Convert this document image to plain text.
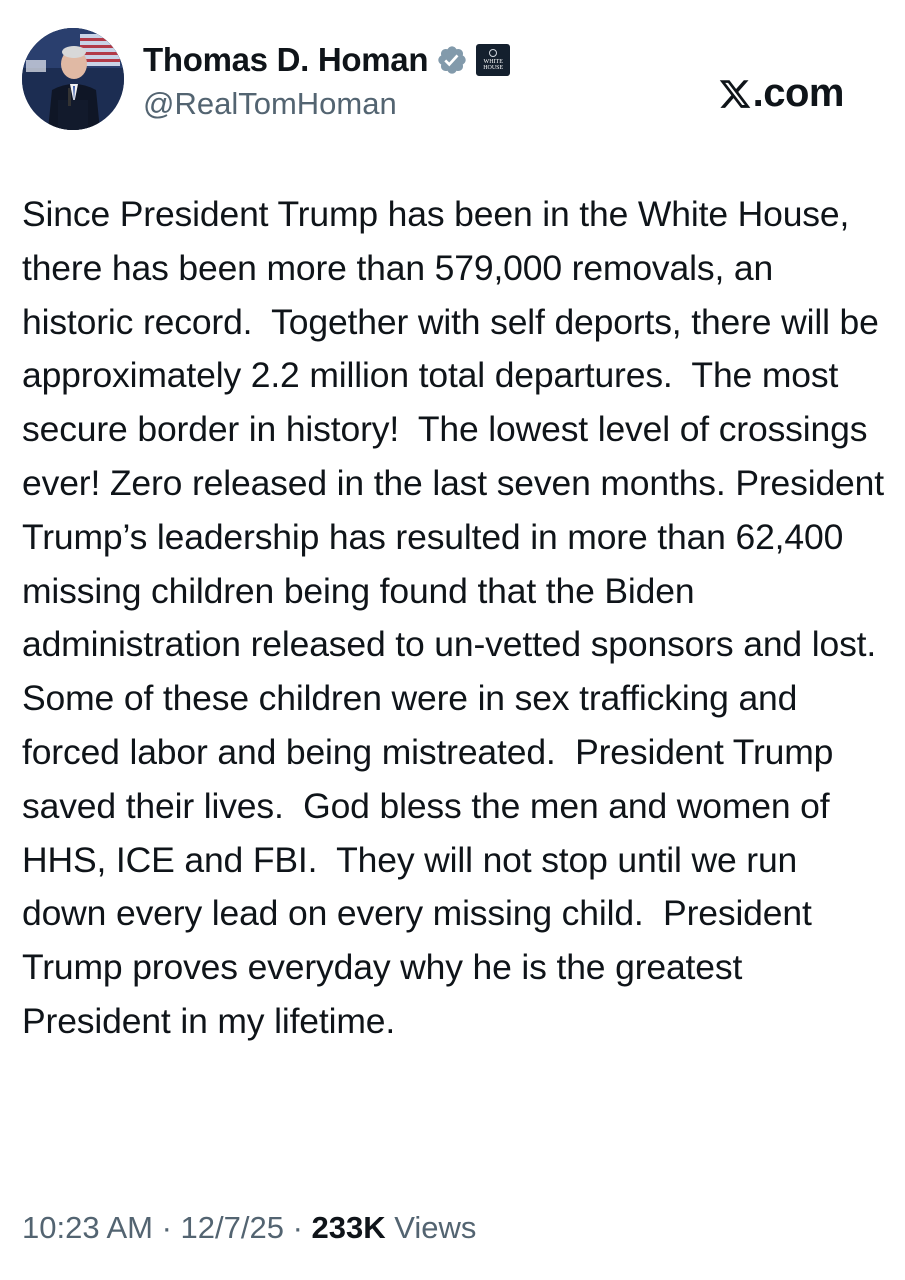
Thomas D. Homan	WHITE
HOUSE
@RealTomHoman	.com
Since President Trump has been in the White House, there has been more than 579,000 removals, an historic record.  Together with self deports, there will be approximately 2.2 million total departures.  The most secure border in history!  The lowest level of crossings ever! Zero released in the last seven months. President Trump’s leadership has resulted in more than 62,400 missing children being found that the Biden administration released to un-vetted sponsors and lost.  Some of these children were in sex trafficking and forced labor and being mistreated.  President Trump saved their lives.  God bless the men and women of HHS, ICE and FBI.  They will not stop until we run down every lead on every missing child.  President Trump proves everyday why he is the greatest President in my lifetime.
10:23 AM · 12/7/25 · 233K Views
